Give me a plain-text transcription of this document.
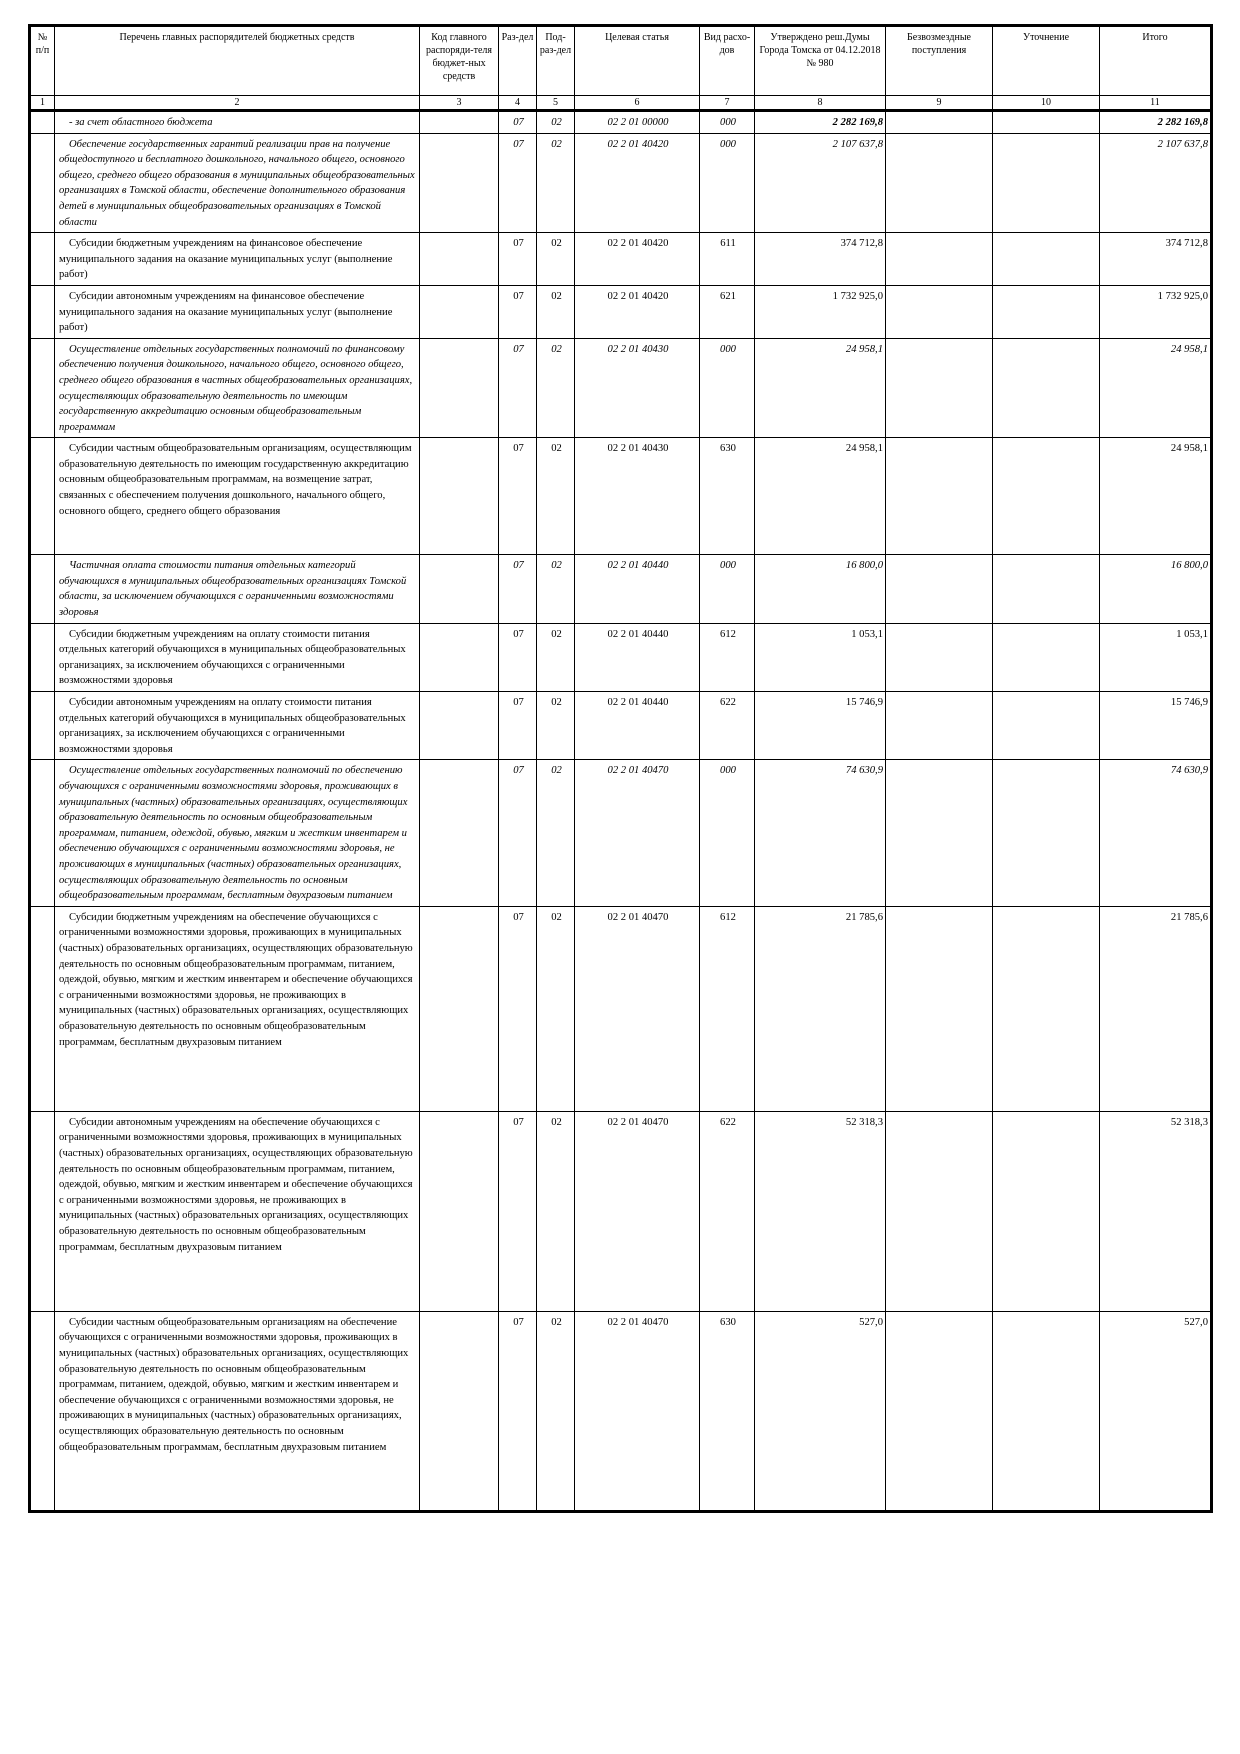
№ п/п	Перечень главных распорядителей бюджетных средств	Код главного распоряди-теля бюджет-ных средств	Раз-дел	Под-раз-дел	Целевая статья	Вид расхо-дов	Утверждено реш.Думы Города Томска от 04.12.2018 № 980	Безвозмездные поступления	Уточнение	Итого
1	2	3	4	5	6	7	8	9	10	11
	- за счет областного бюджета		07	02	02 2 01 00000	000	2 282 169,8			2 282 169,8
	Обеспечение государственных гарантий реализации прав на получение общедоступного и бесплатного дошкольного, начального общего, основного общего, среднего общего образования в муниципальных общеобразовательных организациях в Томской области, обеспечение дополнительного образования детей в муниципальных общеобразовательных организациях в Томской области		07	02	02 2 01 40420	000	2 107 637,8			2 107 637,8
	Субсидии бюджетным учреждениям на финансовое обеспечение муниципального задания на оказание муниципальных услуг (выполнение работ)		07	02	02 2 01 40420	611	374 712,8			374 712,8
	Субсидии автономным учреждениям на финансовое обеспечение муниципального задания на оказание муниципальных услуг (выполнение работ)		07	02	02 2 01 40420	621	1 732 925,0			1 732 925,0
	Осуществление отдельных государственных полномочий по финансовому обеспечению получения дошкольного, начального общего, основного общего, среднего общего образования в частных общеобразовательных организациях, осуществляющих образовательную деятельность по имеющим государственную аккредитацию основным общеобразовательным программам		07	02	02 2 01 40430	000	24 958,1			24 958,1
	Субсидии частным общеобразовательным организациям, осуществляющим образовательную деятельность по имеющим государственную аккредитацию основным общеобразовательным программам, на возмещение затрат, связанных с обеспечением получения дошкольного, начального общего, основного общего, среднего общего образования		07	02	02 2 01 40430	630	24 958,1			24 958,1
	Частичная оплата стоимости питания отдельных категорий обучающихся в муниципальных общеобразовательных организациях Томской области, за исключением обучающихся с ограниченными возможностями здоровья		07	02	02 2 01 40440	000	16 800,0			16 800,0
	Субсидии бюджетным учреждениям на оплату стоимости питания отдельных категорий обучающихся в муниципальных общеобразовательных организациях, за исключением обучающихся с ограниченными возможностями здоровья		07	02	02 2 01 40440	612	1 053,1			1 053,1
	Субсидии автономным учреждениям на оплату стоимости питания отдельных категорий обучающихся в муниципальных общеобразовательных организациях, за исключением обучающихся с ограниченными возможностями здоровья		07	02	02 2 01 40440	622	15 746,9			15 746,9
	Осуществление отдельных государственных полномочий по обеспечению обучающихся с ограниченными возможностями здоровья, проживающих в муниципальных (частных) образовательных организациях, осуществляющих образовательную деятельность по основным общеобразовательным программам, питанием, одеждой, обувью, мягким и жестким инвентарем и обеспечению обучающихся с ограниченными возможностями здоровья, не проживающих в муниципальных (частных) образовательных организациях, осуществляющих образовательную деятельность по основным общеобразовательным программам, бесплатным двухразовым питанием		07	02	02 2 01 40470	000	74 630,9			74 630,9
	Субсидии бюджетным учреждениям на обеспечение обучающихся с ограниченными возможностями здоровья, проживающих в муниципальных (частных) образовательных организациях, осуществляющих образовательную деятельность по основным общеобразовательным программам, питанием, одеждой, обувью, мягким и жестким инвентарем и обеспечение обучающихся с ограниченными возможностями здоровья, не проживающих в муниципальных (частных) образовательных организациях, осуществляющих образовательную деятельность по основным общеобразовательным программам, бесплатным двухразовым питанием		07	02	02 2 01 40470	612	21 785,6			21 785,6
	Субсидии автономным учреждениям на обеспечение обучающихся с ограниченными возможностями здоровья, проживающих в муниципальных (частных) образовательных организациях, осуществляющих образовательную деятельность по основным общеобразовательным программам, питанием, одеждой, обувью, мягким и жестким инвентарем и обеспечение обучающихся с ограниченными возможностями здоровья, не проживающих в муниципальных (частных) образовательных организациях, осуществляющих образовательную деятельность по основным общеобразовательным программам, бесплатным двухразовым питанием		07	02	02 2 01 40470	622	52 318,3			52 318,3
	Субсидии частным общеобразовательным организациям на обеспечение обучающихся с ограниченными возможностями здоровья, проживающих в муниципальных (частных) образовательных организациях, осуществляющих образовательную деятельность по основным общеобразовательным программам, питанием, одеждой, обувью, мягким и жестким инвентарем и обеспечение обучающихся с ограниченными возможностями здоровья, не проживающих в муниципальных (частных) образовательных организациях, осуществляющих образовательную деятельность по основным общеобразовательным программам, бесплатным двухразовым питанием		07	02	02 2 01 40470	630	527,0			527,0
